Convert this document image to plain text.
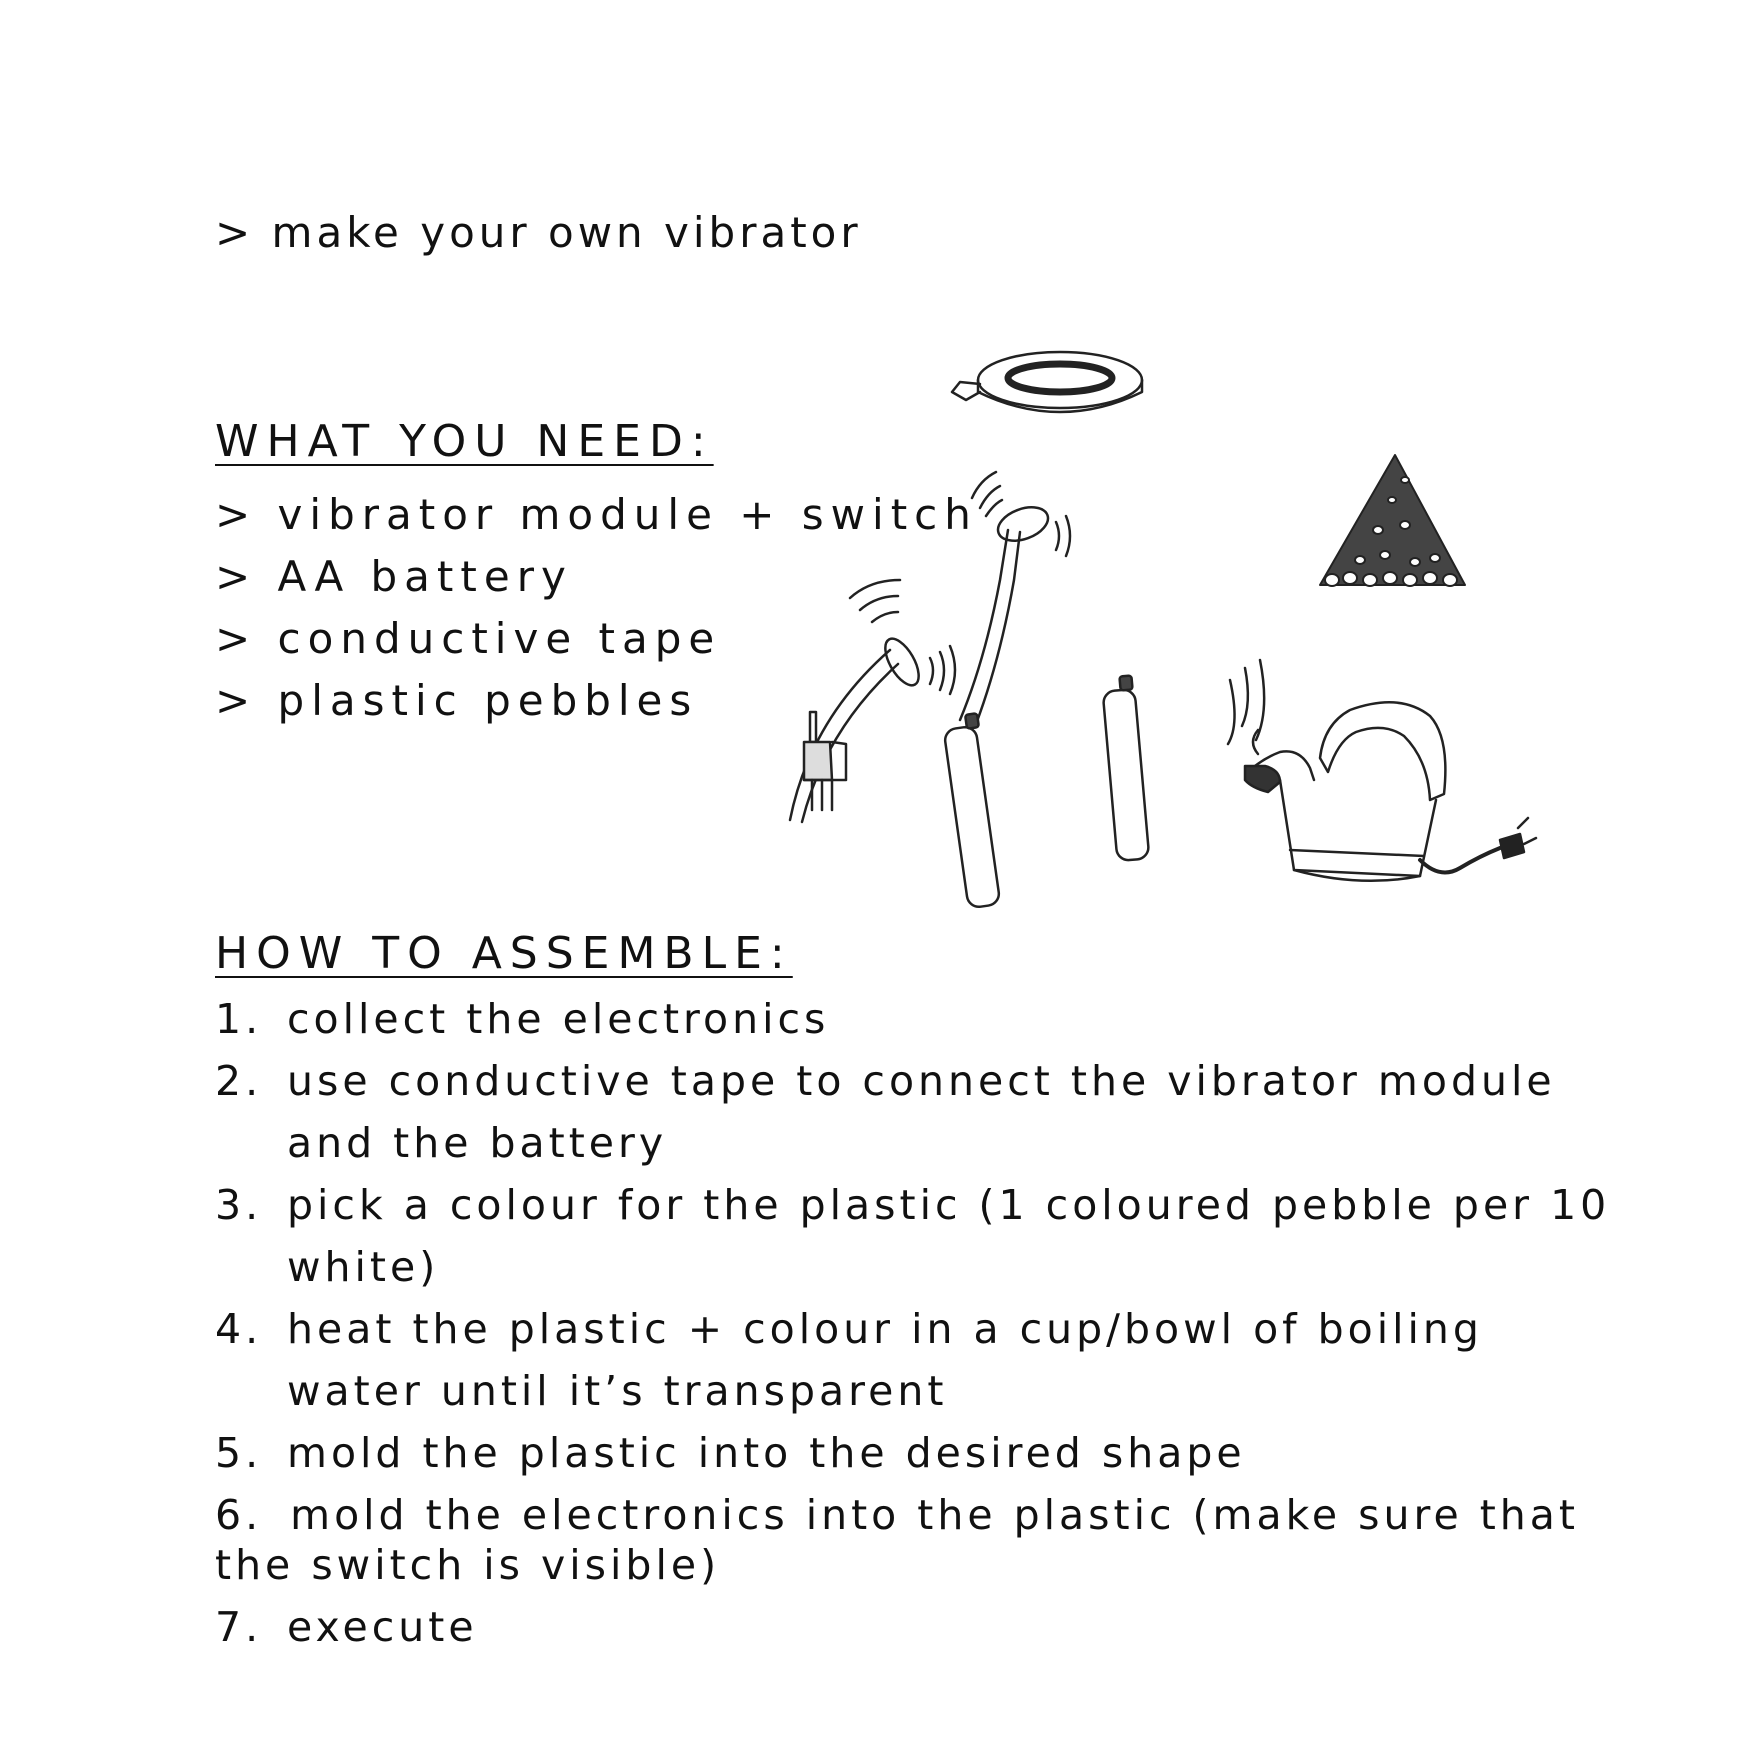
> make your own vibrator
WHAT YOU NEED:
> vibrator module + switch
> AA battery
> conductive tape
> plastic pebbles
HOW TO ASSEMBLE:
1. collect the electronics
2. use conductive tape to connect the vibrator module and the battery
3. pick a colour for the plastic (1 coloured pebble per 10 white)
4. heat the plastic + colour in a cup/bowl of boiling water until it’s transparent
5. mold the plastic into the desired shape
6. mold the electronics into the plastic (make sure that the switch is visible)
7. execute
